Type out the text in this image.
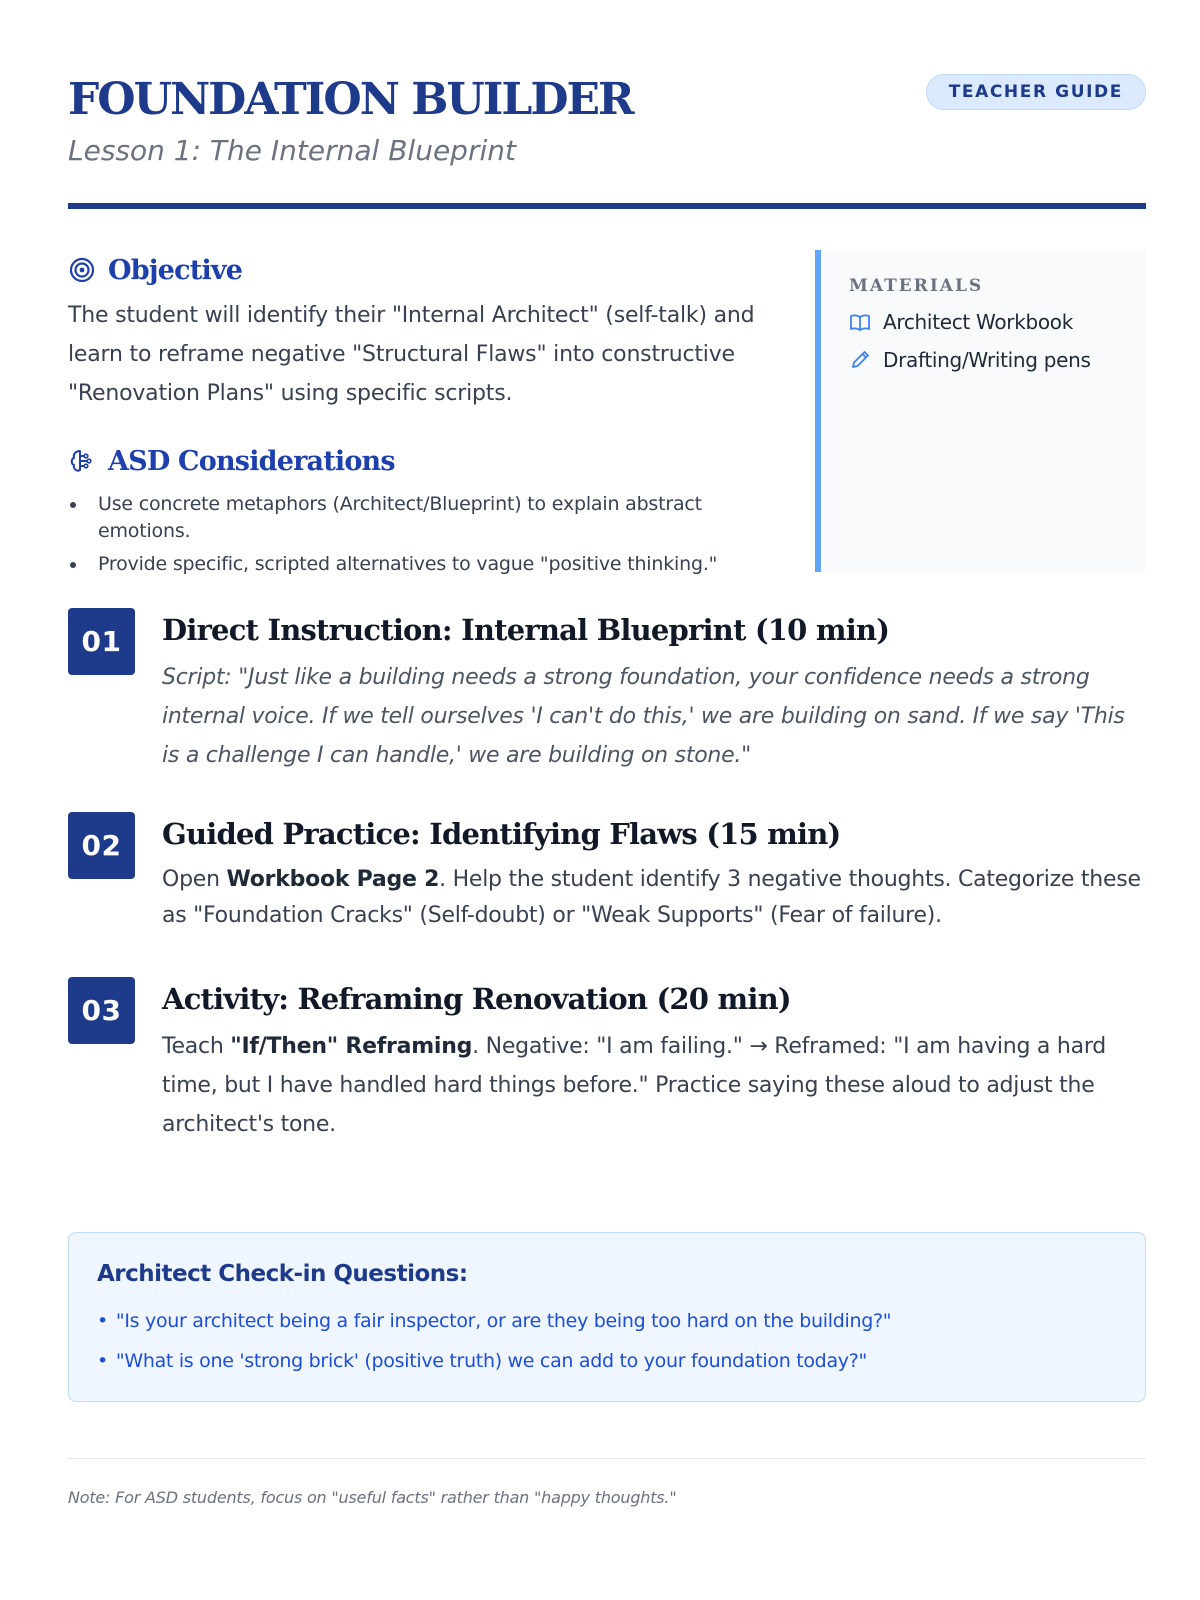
FOUNDATION BUILDER
Lesson 1: The Internal Blueprint
TEACHER GUIDE
Objective

The student will identify their "Internal Architect" (self-talk) and learn to reframe negative "Structural Flaws" into constructive "Renovation Plans" using specific scripts.

ASD Considerations
Use concrete metaphors (Architect/Blueprint) to explain abstract emotions.
Provide specific, scripted alternatives to vague "positive thinking."
MATERIALS
Architect Workbook
Drafting/Writing pens
01	Direct Instruction: Internal Blueprint (10 min)

Script: "Just like a building needs a strong foundation, your confidence needs a strong internal voice. If we tell ourselves 'I can't do this,' we are building on sand. If we say 'This is a challenge I can handle,' we are building on stone."

02	Guided Practice: Identifying Flaws (15 min)

Open Workbook Page 2. Help the student identify 3 negative thoughts. Categorize these as "Foundation Cracks" (Self-doubt) or "Weak Supports" (Fear of failure).

03	Activity: Reframing Renovation (20 min)

Teach "If/Then" Reframing. Negative: "I am failing." → Reframed: "I am having a hard time, but I have handled hard things before." Practice saying these aloud to adjust the architect's tone.

Architect Check-in Questions:
• "Is your architect being a fair inspector, or are they being too hard on the building?"
• "What is one 'strong brick' (positive truth) we can add to your foundation today?"
Note: For ASD students, focus on "useful facts" rather than "happy thoughts."
